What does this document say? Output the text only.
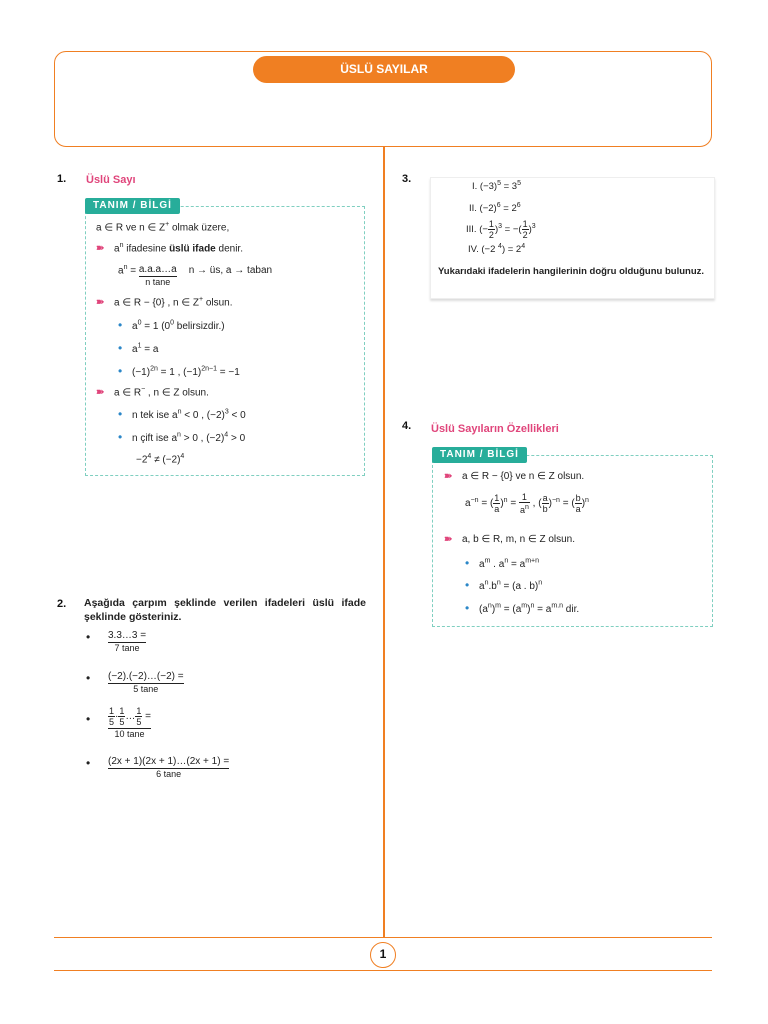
ÜSLÜ SAYILAR
1. Üslü Sayı
TANIM / BİLGİ
a ∈ R ve n ∈ Z+ olmak üzere,
➽ $a^n$ ifadesine üslü ifade denir.
$a^n = \frac{a.a.a\dots a}{\text{n tane}}$ n → üs, a → taban
➽ a ∈ R − {0} , n ∈ Z+ olsun.
• $a^0 = 1$ ($0^0$ belirsizdir.)
• $a^1 = a$
• $(-1)^{2n} = 1$ , $(-1)^{2n-1} = -1$
➽ a ∈ R− , n ∈ Z olsun.
• n tek ise $a^n < 0$ , $(-2)^3 < 0$
• n çift ise $a^n > 0$ , $(-2)^4 > 0$
$-2^4 \ne (-2)^4$
2. Aşağıda çarpım şeklinde verilen ifadeleri üslü ifade şeklinde gösteriniz.
• $\frac{3.3\dots 3 =}{7 \tan e}$
• $\frac{(-2).(-2)\dots(-2) =}{5 \tan e}$
• $\frac{\frac{1}{5} \cdot \frac{1}{5} \dots \frac{1}{5} =}{10 \tan e}$
• $\frac{(2x + 1)(2x + 1)\dots(2x + 1) =}{6 \tan e}$
3.
I. $(-3)^5 = 3^5$
II. $(-2)^6 = 2^6$
III. (− $\frac{1}{2} )^3$ = −( $\frac{1}{2} )^3$
IV. (−2 $^4) = 2^4$
Yukarıdaki ifadelerin hangilerinin doğru olduğunu bulunuz.
4. Üslü Sayıların Özellikleri
TANIM / BİLGİ
➽ a ∈ R − {0} ve n ∈ Z olsun.
$a^{-n}$ = ( $\frac{1}{a} )^n = \frac{1}{a^n}$ , ( $\frac{a}{b} )^{-n}$ = ( $\frac{b}{a} )^n$
➽ a, b ∈ R, m, n ∈ Z olsun.
• $a^m$ . $a^n = a^{m+n}$
• $a^n.b^n = (a$ . b)$^n$
• $(a^n)^m = (a^m)^n = a^{m.n}$ dir.
1
